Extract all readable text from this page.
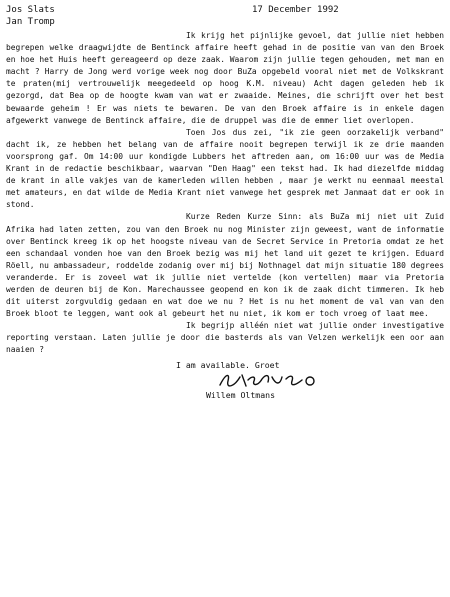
Jos Slats
Jan Tromp
17 December 1992

Ik krijg het pijnlijke gevoel, dat jullie niet hebben begrepen welke draagwijdte de Bentinck affaire heeft gehad in de positie van van den Broek en hoe het Huis heeft gereageerd op deze zaak. Waarom zijn jullie tegen gehouden, met man en macht ? Harry de Jong werd vorige week nog door BuZa opgebeld vooral niet met de Volkskrant te praten(mij vertrouwelijk meegedeeld op hoog K.M. niveau) Acht dagen geleden heb ik gezorgd, dat Bea op de hoogte kwam van wat er zwaaide. Meines, die schrijft over het best bewaarde geheim ! Er was niets te bewaren. De van den Broek affaire is in enkele dagen afgewerkt vanwege de Bentinck affaire, die de druppel was die de emmer liet overlopen.

Toen Jos dus zei, "ik zie geen oorzakelijk verband" dacht ik, ze hebben het belang van de affaire nooit begrepen terwijl ik ze drie maanden voorsprong gaf. Om 14:00 uur kondigde Lubbers het aftreden aan, om 16:00 uur was de Media Krant in de redactie beschikbaar, waarvan "Den Haag" een tekst had. Ik had diezelfde middag de krant in alle vakjes van de kamerleden willen hebben , maar je werkt nu eenmaal meestal met amateurs, en dat wilde de Media Krant niet vanwege het gesprek met Janmaat dat er ook in stond.

Kurze Reden Kurze Sinn: als BuZa mij niet uit Zuid Afrika had laten zetten, zou van den Broek nu nog Minister zijn geweest, want de informatie over Bentinck kreeg ik op het hoogste niveau van de Secret Service in Pretoria omdat ze het een schandaal vonden hoe van den Broek bezig was mij het land uit gezet te krijgen. Eduard Röell, nu ambassadeur, roddelde zodanig over mij bij Nothnagel dat mijn situatie 180 degrees veranderde. Er is zoveel wat ik jullie niet vertelde (kon vertellen) maar via Pretoria werden de deuren bij de Kon. Marechaussee geopend en kon ik de zaak dicht timmeren. Ik heb dit uiterst zorgvuldig gedaan en wat doe we nu ? Het is nu het moment de val van van den Broek bloot te leggen, want ook al gebeurt het nu niet, ik kom er toch vroeg of laat mee.

Ik begrijp alléén niet wat jullie onder investigative reporting verstaan. Laten jullie je door die basterds als van Velzen werkelijk een oor aan naaien ?

I am available. Groet
Willem Oltmans
